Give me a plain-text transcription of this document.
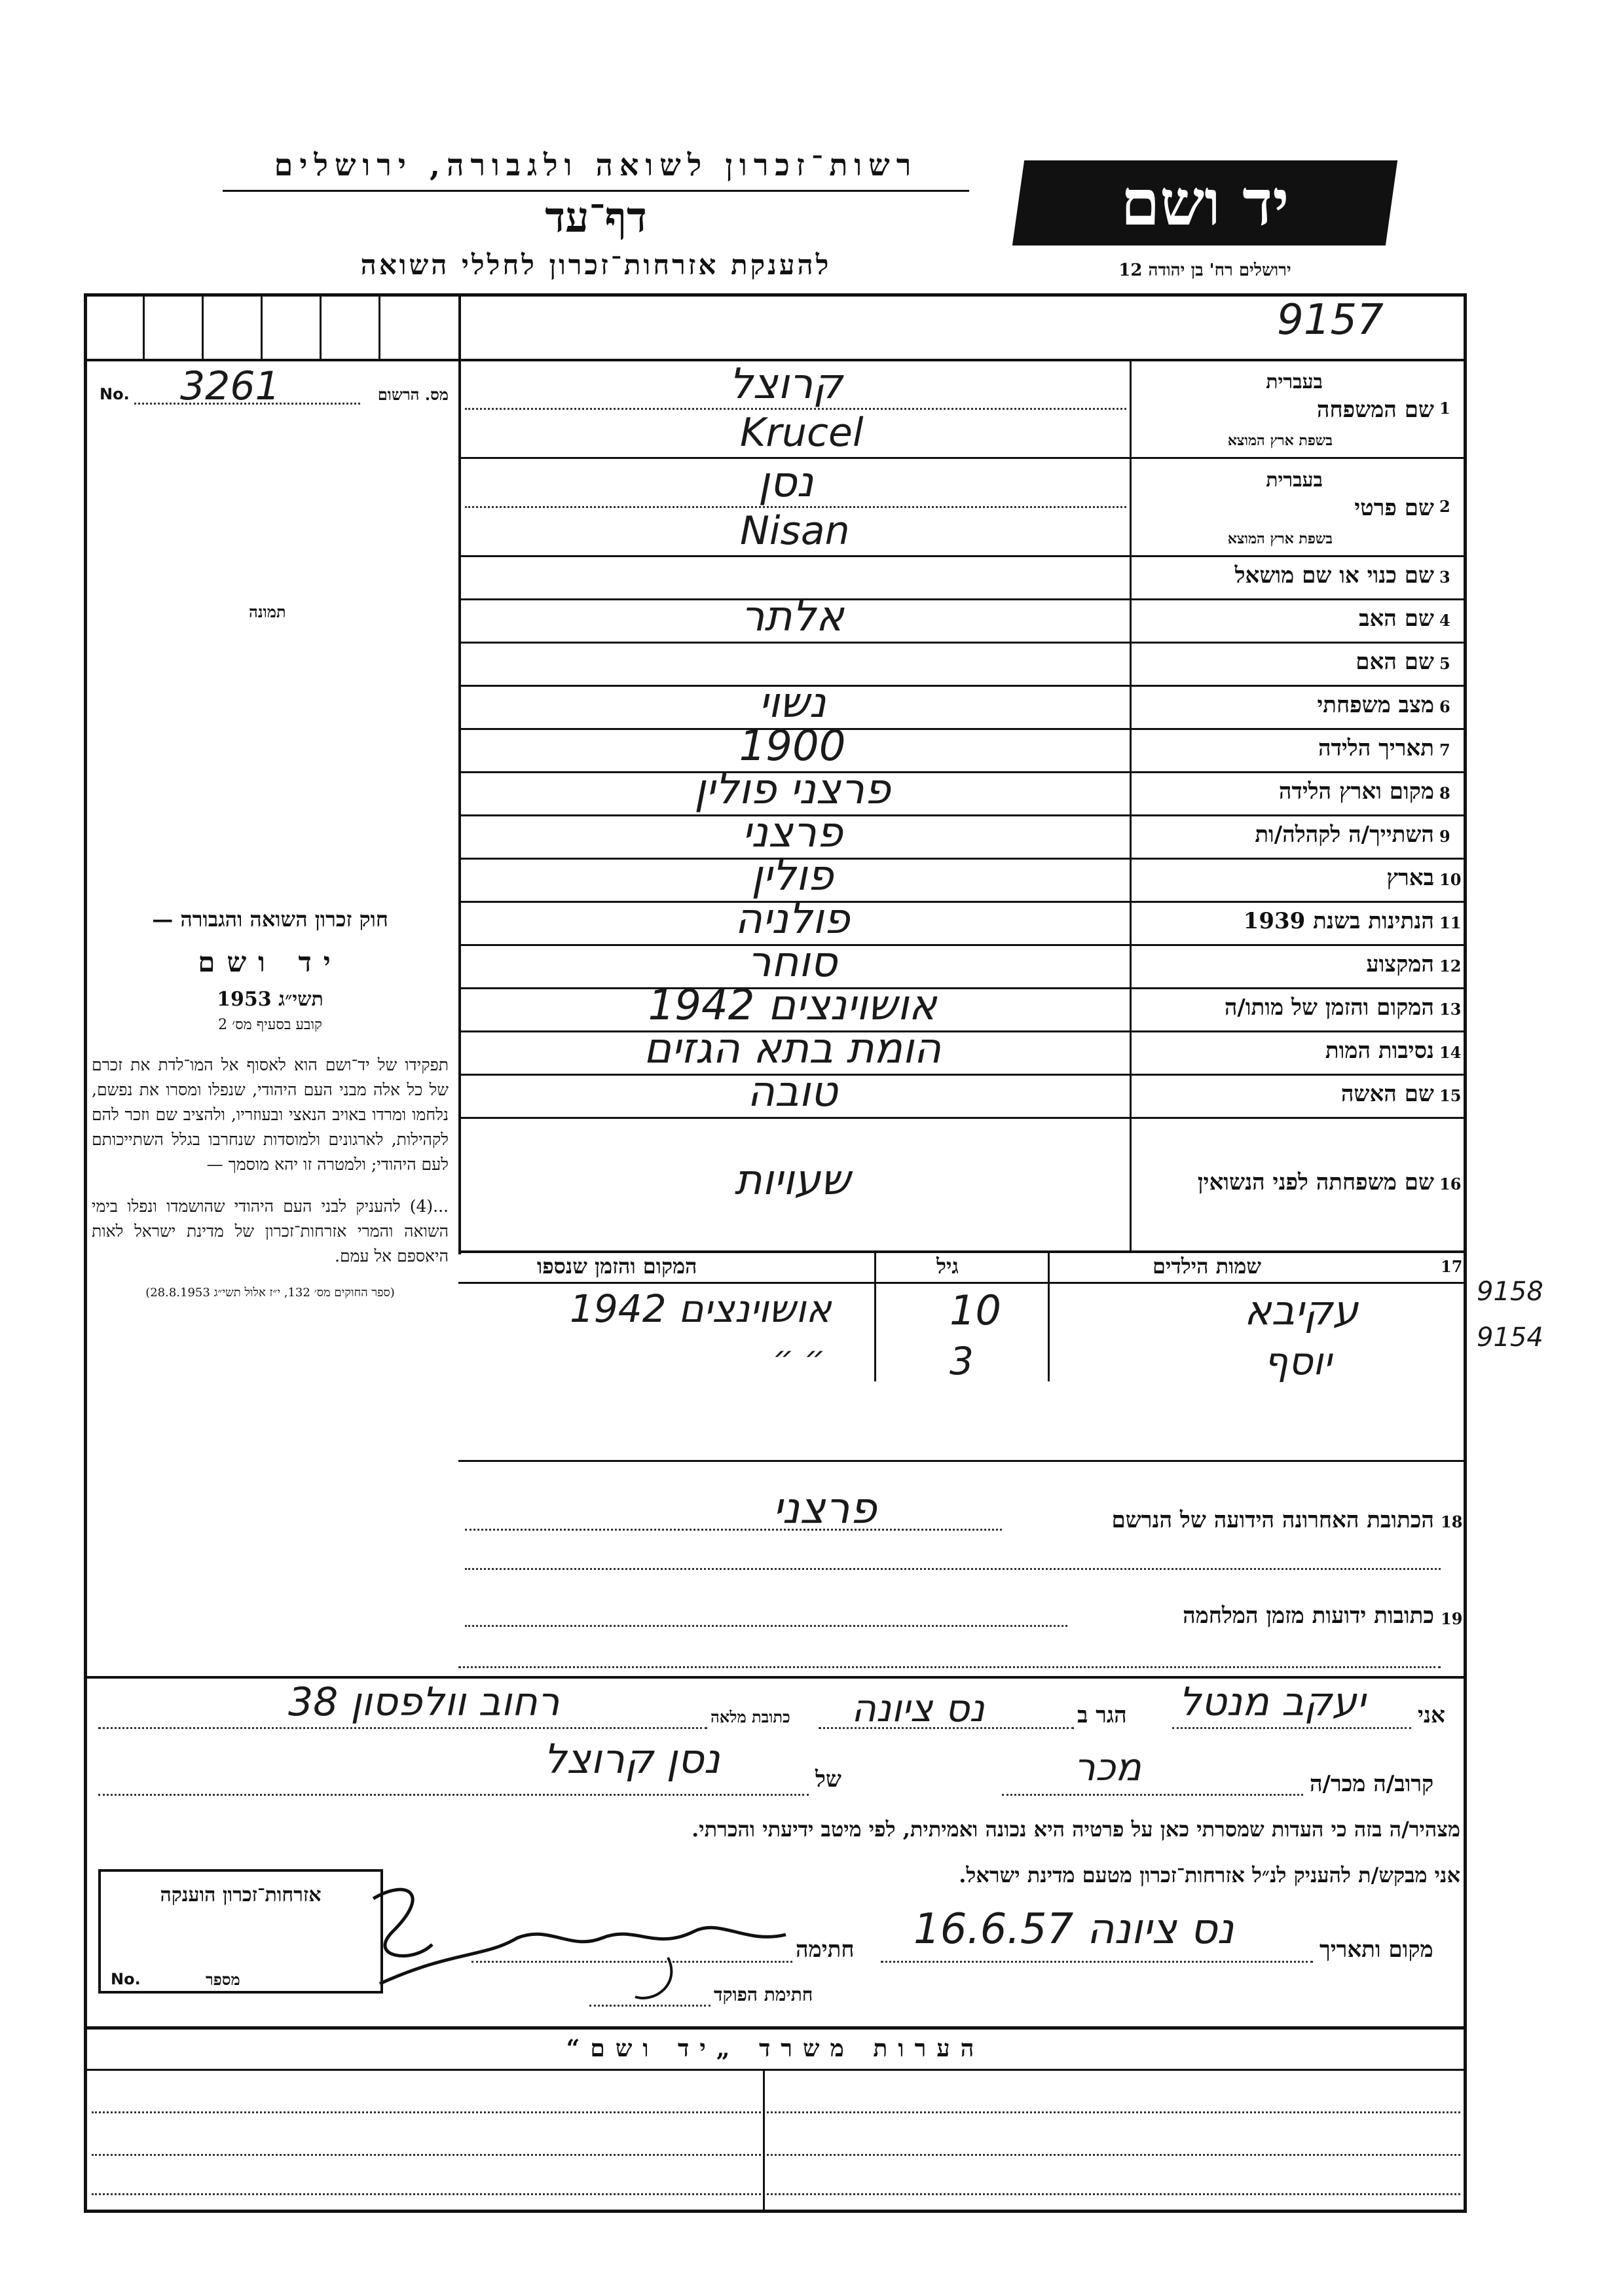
רשות־זכרון לשואה ולגבורה, ירושלים
דף־עד
להענקת אזרחות־זכרון לחללי השואה
יד ושם
ירושלים רח' בן יהודה 12
9157
No.	מס. הרשום
3261
תמונה
1
שם המשפחה
בעברית
בשפת ארץ המוצא
קרוצל
Krucel
2
שם פרטי
בעברית
בשפת ארץ המוצא
נסן
Nisan
3
שם כנוי או שם מושאל
4
שם האב
אלתר
5
שם האם
6
מצב משפחתי
נשוי
7
תאריך הלידה
1900
8
מקום וארץ הלידה
פרצני פולין
9
השתייך/ה לקהלה/ות
פרצני
10
בארץ
פולין
11
הנתינות בשנת 1939
פולניה
12
המקצוע
סוחר
13
המקום והזמן של מותו/ה
אושוינצים 1942
14
נסיבות המות
הומת בתא הגזים
15
שם האשה
טובה
16
שם משפחתה לפני הנשואין
שעויות
17
שמות הילדים
גיל
המקום והזמן שנספו
עקיבא
10
אושוינצים 1942	9158
יוסף
3
״ ״
9154

חוק זכרון השואה והגבורה —

יד ושם

תשי״ג 1953

קובע בסעיף מס׳ 2

תפקידו של יד־ושם הוא לאסוף אל המו־לדת את זכרם של כל אלה מבני העם היהודי, שנפלו ומסרו את נפשם, נלחמו ומרדו באויב הנאצי ובעוזריו, ולהציב שם וזכר להם לקהילות, לארגונים ולמוסדות שנחרבו בגלל השתייכותם לעם היהודי; ולמטרה זו יהא מוסמך —

...(4) להעניק לבני העם היהודי שהושמדו ונפלו בימי השואה והמרי אזרחות־זכרון של מדינת ישראל לאות היאספם אל עמם.

(ספר החוקים מס׳ 132, י״ז אלול תשי״ג 28.8.1953)

18
הכתובת האחרונה הידועה של הנרשם
פרצני
19
כתובות ידועות מזמן המלחמה
אני
יעקב מנטל
הגר ב
נס ציונה
כתובת מלאה
רחוב וולפסון 38
קרוב/ה מכר/ה
מכר
של
נסן קרוצל
מצהיר/ה בזה כי העדות שמסרתי כאן על פרטיה היא נכונה ואמיתית, לפי מיטב ידיעתי והכרתי.
אני מבקש/ת להעניק לנ״ל אזרחות־זכרון מטעם מדינת ישראל.
מקום ותאריך
נס ציונה 16.6.57
חתימה
חתימת הפוקד
אזרחות־זכרון הוענקה
No.	מספר
הערות משרד „יד ושם“
